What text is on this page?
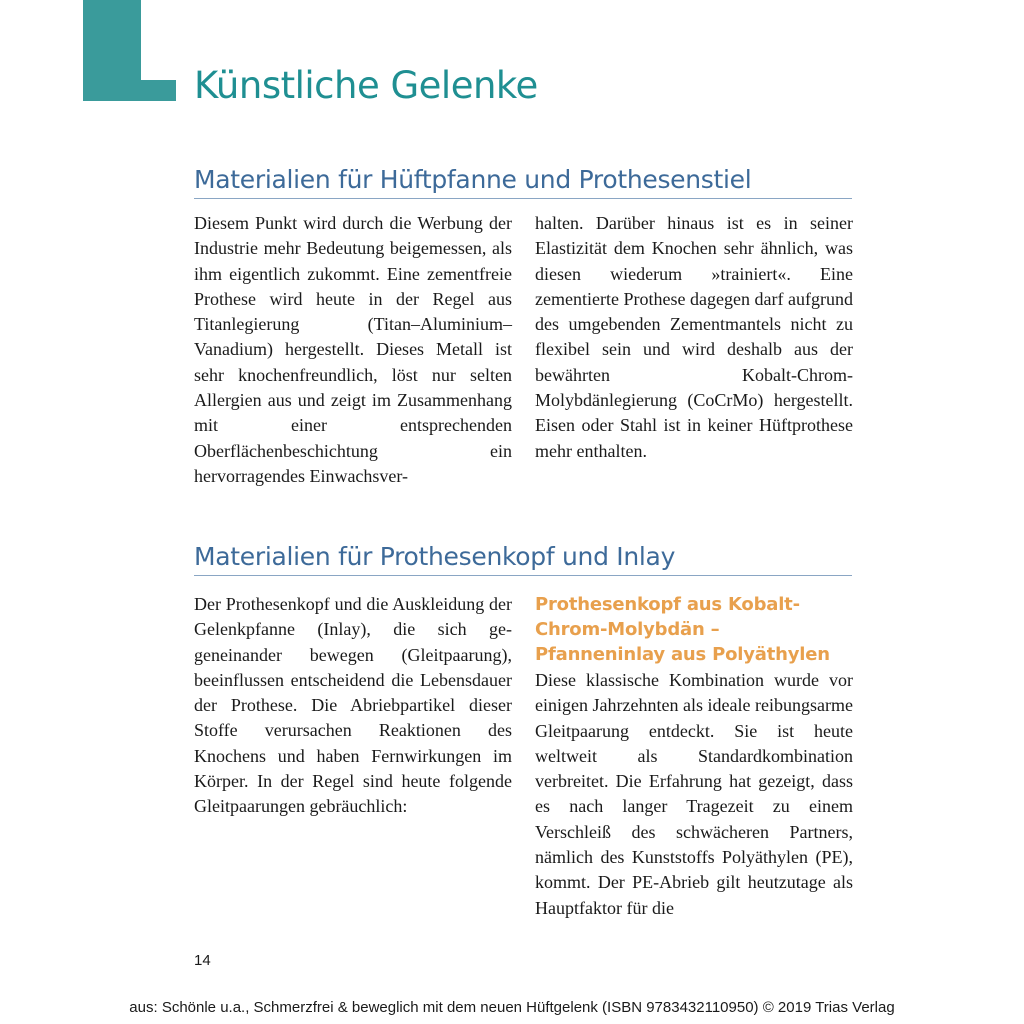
Künstliche Gelenke
Materialien für Hüftpfanne und Prothesenstiel

Diesem Punkt wird durch die Werbung der Industrie mehr Bedeutung beigemessen, als ihm eigentlich zukommt. Eine zementfreie Prothese wird heute in der Regel aus Titanlegierung (Titan–Aluminium–Vanadium) hergestellt. Dieses Metall ist sehr knochenfreundlich, löst nur selten Allergien aus und zeigt im Zusammenhang mit einer entsprechenden Oberflächenbeschichtung ein hervorragendes Einwachsver-

halten. Darüber hinaus ist es in seiner Elastizität dem Knochen sehr ähnlich, was diesen wiederum »trainiert«. Eine zementierte Prothese dagegen darf aufgrund des umgebenden Zementmantels nicht zu flexibel sein und wird deshalb aus der bewährten Kobalt-Chrom-Molybdänlegierung (CoCrMo) hergestellt. Eisen oder Stahl ist in keiner Hüftprothese mehr enthalten.

Materialien für Prothesenkopf und Inlay

Der Prothesenkopf und die Auskleidung der Gelenkpfanne (Inlay), die sich gegeneinander bewegen (Gleitpaarung), beeinflussen entscheidend die Lebensdauer der Prothese. Die Abriebpartikel dieser Stoffe verursachen Reaktionen des Knochens und haben Fernwirkungen im Körper. In der Regel sind heute folgende Gleitpaarungen gebräuchlich:

Prothesenkopf aus Kobalt-Chrom-Molybdän – Pfanneninlay aus Polyäthylen

Diese klassische Kombination wurde vor einigen Jahrzehnten als ideale reibungsarme Gleitpaarung entdeckt. Sie ist heute weltweit als Standardkombination verbreitet. Die Erfahrung hat gezeigt, dass es nach langer Tragezeit zu einem Verschleiß des schwächeren Partners, nämlich des Kunststoffs Polyäthylen (PE), kommt. Der PE-Abrieb gilt heutzutage als Hauptfaktor für die

14
aus: Schönle u.a., Schmerzfrei & beweglich mit dem neuen Hüftgelenk (ISBN 9783432110950) © 2019 Trias Verlag
